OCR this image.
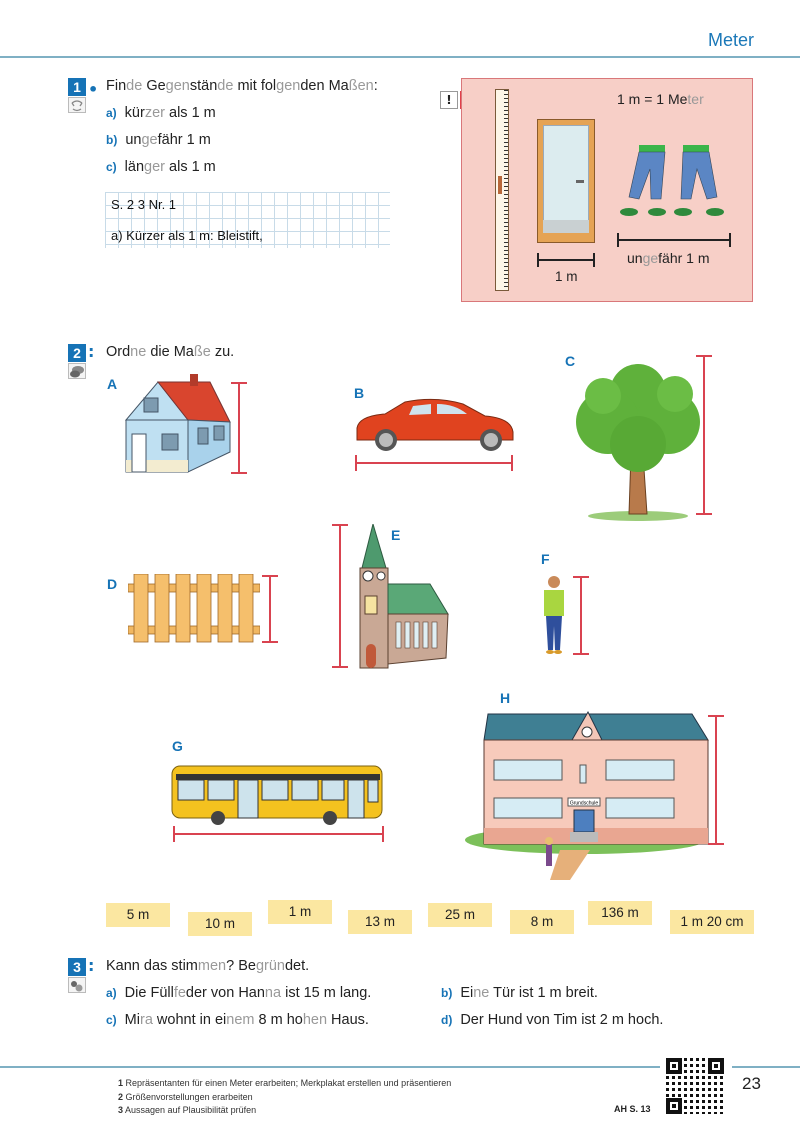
Meter
1 • Finde Gegenstände mit folgenden Maßen:
a) kürzer als 1 m
b) ungefähr 1 m
c) länger als 1 m
S. 2 3 Nr. 1
a) Kürzer als 1 m: Bleistift,
!
1 m
1 m = 1 Meter
ungefähr 1 m
2 : Ordne die Maße zu.
A
B
C
D
E
F
G
H
Grundschule
5 m
10 m
1 m
13 m	25 m	8 m
136 m
1 m 20 cm
3 : Kann das stimmen? Begründet.
a) Die Füllfeder von Hanna ist 15 m lang.	b) Eine Tür ist 1 m breit.
c) Mira wohnt in einem 8 m hohen Haus.	d) Der Hund von Tim ist 2 m hoch.
1 Repräsentanten für einen Meter erarbeiten; Merkplakat erstellen und präsentieren
2 Größenvorstellungen erarbeiten
3 Aussagen auf Plausibilität prüfen	AH S. 13
23
